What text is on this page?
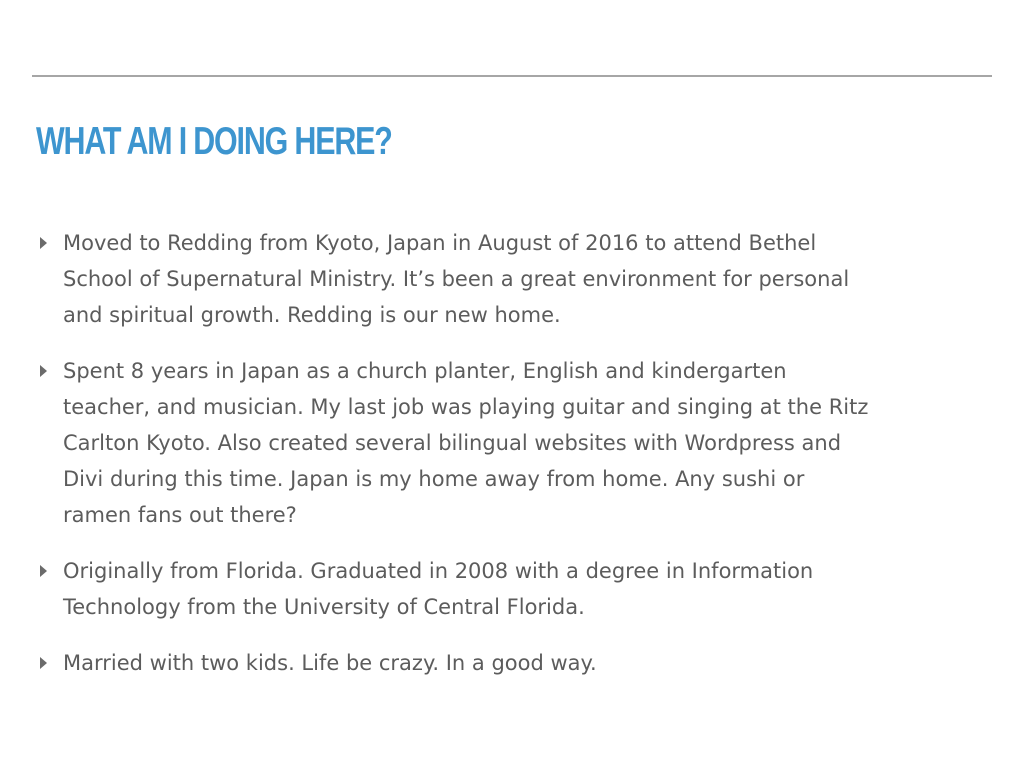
WHAT AM I DOING HERE?
Moved to Redding from Kyoto, Japan in August of 2016 to attend Bethel
School of Supernatural Ministry. It’s been a great environment for personal
and spiritual growth. Redding is our new home.
Spent 8 years in Japan as a church planter, English and kindergarten
teacher, and musician. My last job was playing guitar and singing at the Ritz
Carlton Kyoto. Also created several bilingual websites with Wordpress and
Divi during this time. Japan is my home away from home. Any sushi or
ramen fans out there?
Originally from Florida. Graduated in 2008 with a degree in Information
Technology from the University of Central Florida.
Married with two kids. Life be crazy. In a good way.
